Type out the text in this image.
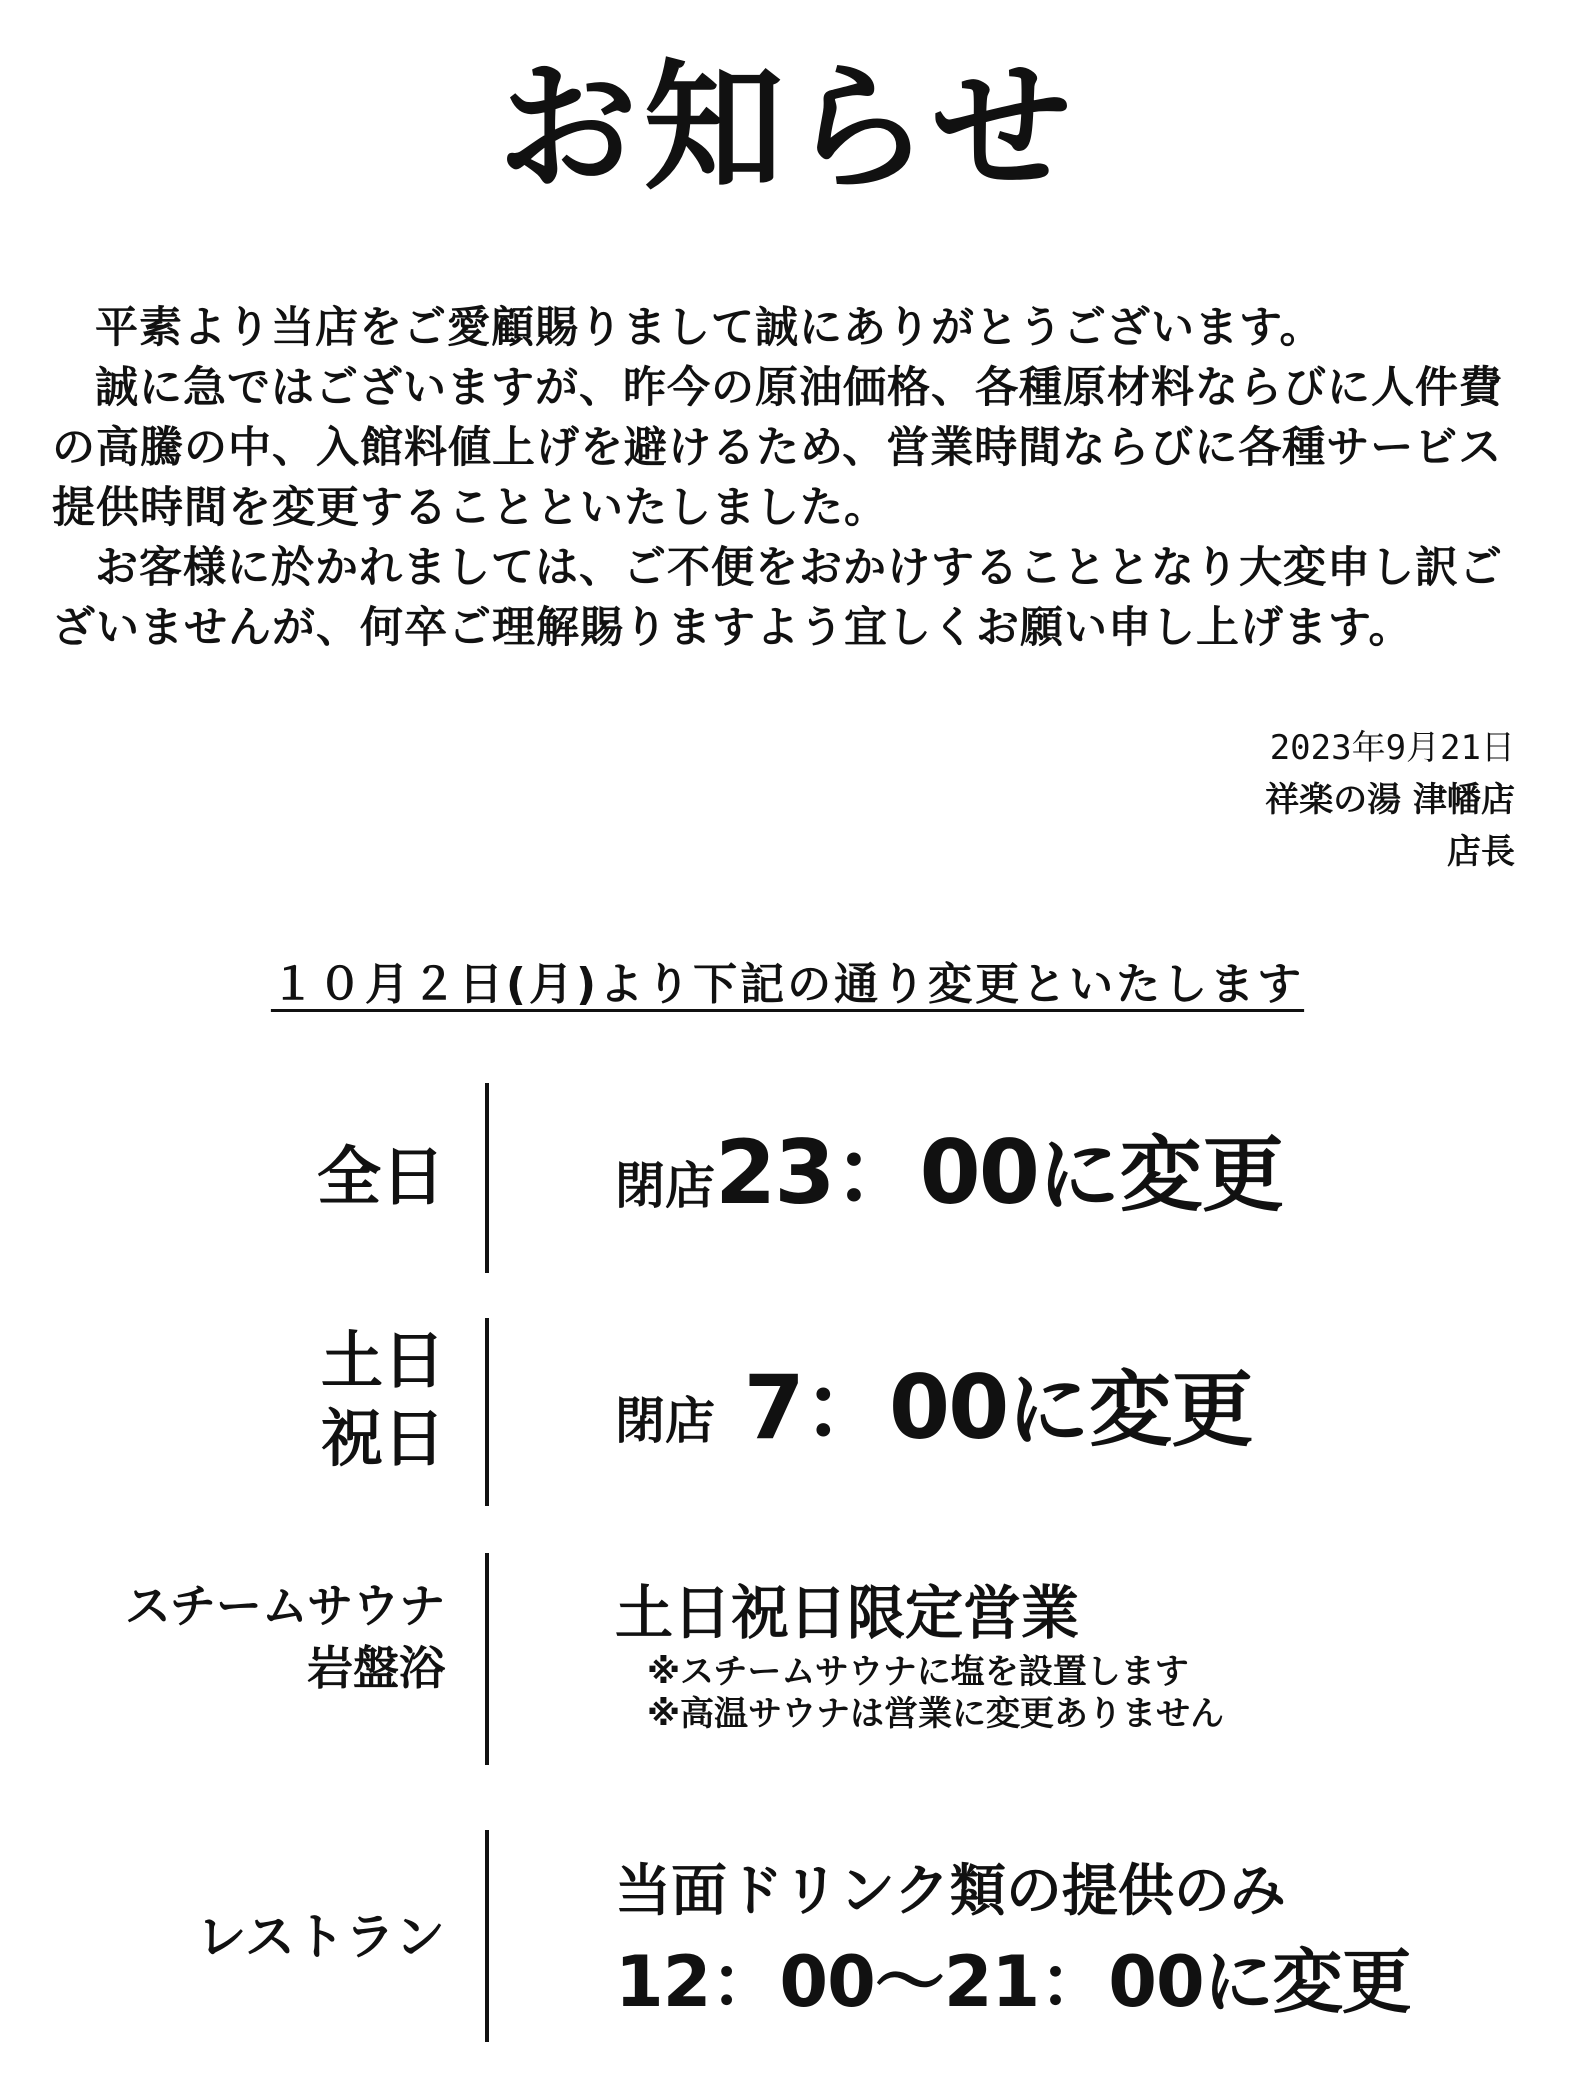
お知らせ

平素より当店をご愛顧賜りまして誠にありがとうございます。

誠に急ではございますが、昨今の原油価格、各種原材料ならびに人件費の高騰の中、入館料値上げを避けるため、営業時間ならびに各種サービス提供時間を変更することといたしました。

お客様に於かれましては、ご不便をおかけすることとなり大変申し訳ございませんが、何卒ご理解賜りますよう宜しくお願い申し上げます。

2023年9月21日
祥楽の湯 津幡店
店長
１０月２日(月)より下記の通り変更といたします
全日	閉店23：00に変更
土日
祝日	閉店 7：00に変更
スチームサウナ
岩盤浴
土日祝日限定営業
※スチームサウナに塩を設置します
※高温サウナは営業に変更ありません
レストラン
当面ドリンク類の提供のみ
12：00～21：00に変更
